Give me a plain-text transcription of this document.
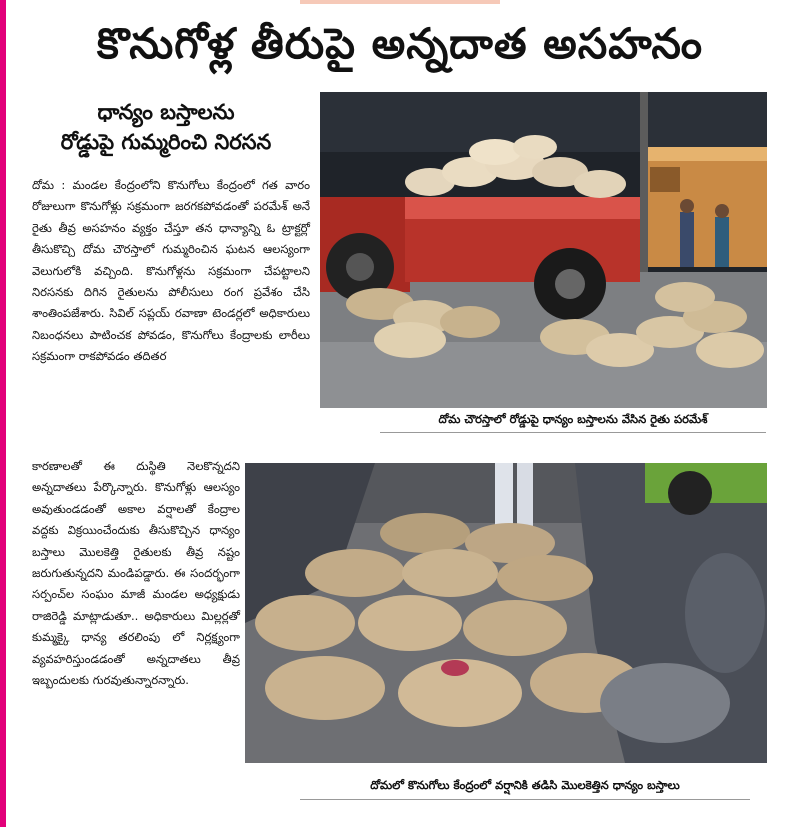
కొనుగోళ్ల తీరుపై అన్నదాత అసహనం
ధాన్యం బస్తాలను
రోడ్డుపై గుమ్మరించి నిరసన
దోమ : మండల కేంద్రంలోని కొనుగోలు కేంద్రంలో గత వారం రోజులుగా కొనుగోళ్లు సక్రమంగా జరగకపోవడంతో పరమేశ్ అనే రైతు తీవ్ర అసహనం వ్యక్తం చేస్తూ తన ధాన్యాన్ని ఓ ట్రాక్టర్లో తీసుకొచ్చి దోమ చౌరస్తాలో గుమ్మరించిన ఘటన ఆలస్యంగా వెలుగులోకి వచ్చింది. కొనుగోళ్లను సక్రమంగా చేపట్టాలని నిరసనకు దిగిన రైతులను పోలీసులు రంగ ప్రవేశం చేసి శాంతింపజేశారు. సివిల్ సప్లయ్ రవాణా టెండర్లలో అధికారులు నిబంధనలు పాటించక పోవడం, కొనుగోలు కేంద్రాలకు లారీలు సక్రమంగా రాకపోవడం తదితర
కారణాలతో ఈ దుస్థితి నెలకొన్నదని అన్నదాతలు పేర్కొన్నారు. కొనుగోళ్లు ఆలస్యం అవుతుండడంతో అకాల వర్షాలతో కేంద్రాల వద్దకు విక్రయించేందుకు తీసుకొచ్చిన ధాన్యం బస్తాలు మొలకెత్తి రైతులకు తీవ్ర నష్టం జరుగుతున్నదని మండిపడ్డారు. ఈ సందర్భంగా సర్పంచ్‌ల సంఘం మాజీ మండల అధ్యక్షుడు రాజిరెడ్డి మాట్లాడుతూ.. అధికారులు మిల్లర్లతో కుమ్మక్కై ధాన్య తరలింపు లో నిర్లక్ష్యంగా వ్యవహరిస్తుండడంతో అన్నదాతలు తీవ్ర ఇబ్బందులకు గురవుతున్నారన్నారు.
దోమ చౌరస్తాలో రోడ్డుపై ధాన్యం బస్తాలను వేసిన రైతు పరమేశ్
దోమలో కొనుగోలు కేంద్రంలో వర్షానికి తడిసి మొలకెత్తిన ధాన్యం బస్తాలు
